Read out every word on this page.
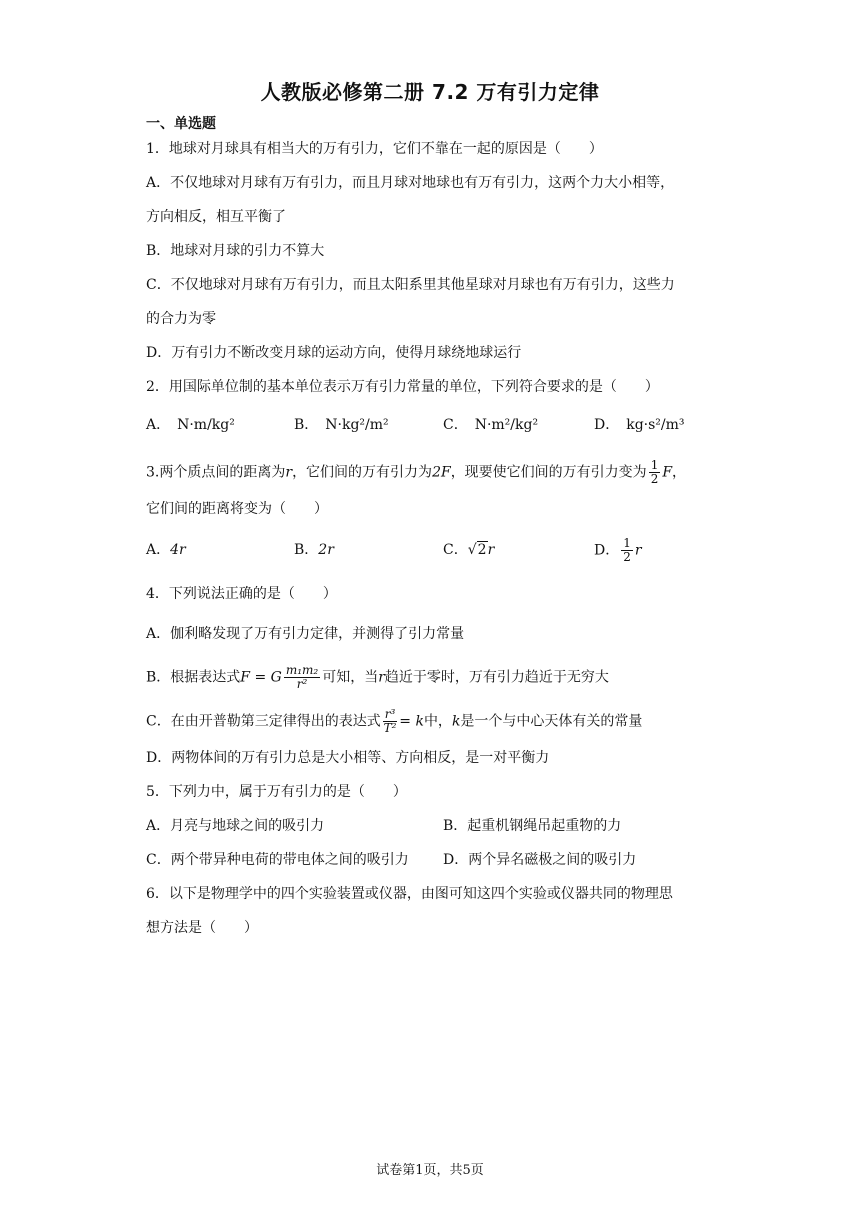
人教版必修第二册 7.2 万有引力定律
一、单选题
1．地球对月球具有相当大的万有引力，它们不靠在一起的原因是（　　）
A．不仅地球对月球有万有引力，而且月球对地球也有万有引力，这两个力大小相等，
方向相反，相互平衡了
B．地球对月球的引力不算大
C．不仅地球对月球有万有引力，而且太阳系里其他星球对月球也有万有引力，这些力
的合力为零
D．万有引力不断改变月球的运动方向，使得月球绕地球运行
2．用国际单位制的基本单位表示万有引力常量的单位，下列符合要求的是（　　）
A．　N·m/kg²	B．　N·kg²/m²	C．　N·m²/kg²	D．　kg·s²/m³
3.两个质点间的距离为r，它们间的万有引力为2F，现要使它们间的万有引力变为 $\frac{1}{2}$ F，
它们间的距离将变为（　　）
A．4r	B．2r	C．√2r	D． $\frac{1}{2}$ r
4．下列说法正确的是（　　）
A．伽利略发现了万有引力定律，并测得了引力常量
B．根据表达式F = G $\frac{\text{m₁m₂}}{\text{r²}}$ 可知，当r趋近于零时，万有引力趋近于无穷大
C．在由开普勒第三定律得出的表达式 $\frac{\text{r³}}{\text{T²}} = k$中，k是一个与中心天体有关的常量
D．两物体间的万有引力总是大小相等、方向相反，是一对平衡力
5．下列力中，属于万有引力的是（　　）
A．月亮与地球之间的吸引力	B．起重机钢绳吊起重物的力
C．两个带异种电荷的带电体之间的吸引力 D．两个异名磁极之间的吸引力
6．以下是物理学中的四个实验装置或仪器，由图可知这四个实验或仪器共同的物理思
想方法是（　　）
试卷第1页，共5页
